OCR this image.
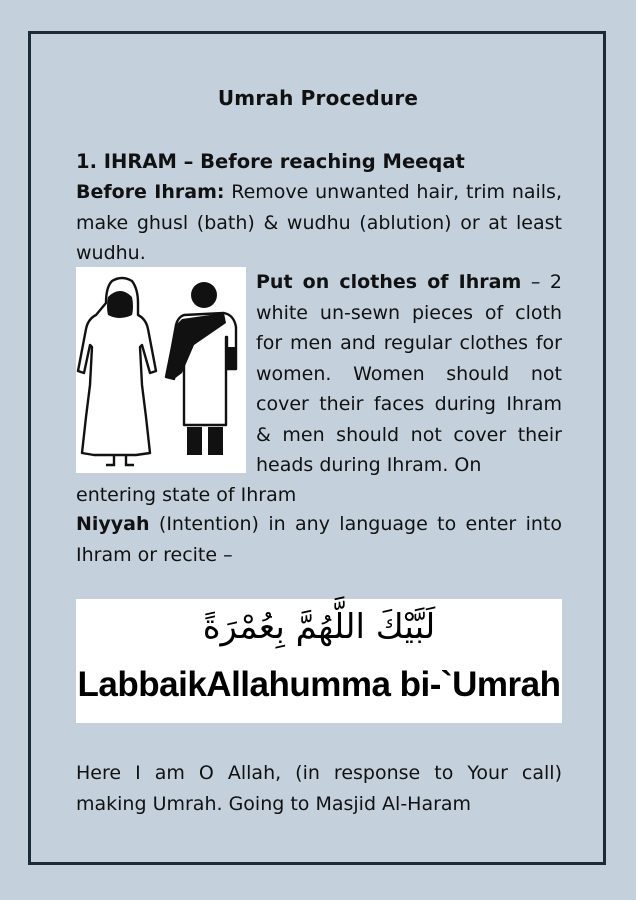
Umrah Procedure
1. IHRAM – Before reaching Meeqat
Before Ihram: Remove unwanted hair, trim nails, make ghusl (bath) & wudhu (ablution) or at least wudhu.
Put on clothes of Ihram – 2 white un-sewn pieces of cloth for men and regular clothes for women. Women should not cover their faces during Ihram & men should not cover their heads during Ihram. On
entering state of Ihram
Niyyah (Intention) in any language to enter into Ihram or recite –
لَبَّيْكَ اللَّهُمَّ بِعُمْرَةً
LabbaikAllahumma bi-`Umrah
Here I am O Allah, (in response to Your call) making Umrah. Going to Masjid Al-Haram
